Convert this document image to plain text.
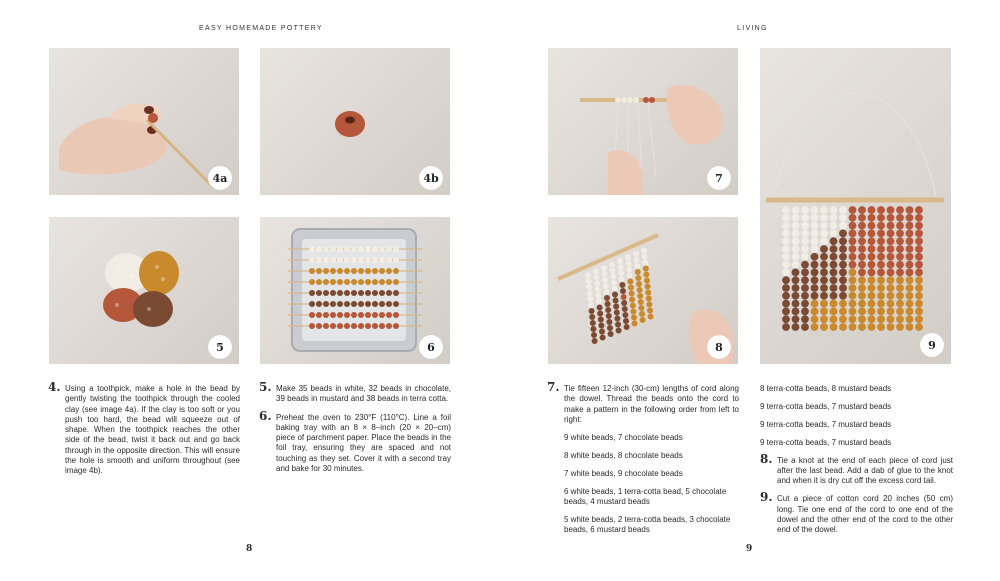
EASY HOMEMADE POTTERY	LIVING
4a	4b
5	6
7
8	9
4. Using a toothpick, make a hole in the bead by gently twisting the toothpick through the cooled clay (see image 4a). If the clay is too soft or you push too hard, the bead will squeeze out of shape. When the toothpick reaches the other side of the bead, twist it back out and go back through in the opposite direction. This will ensure the hole is smooth and uniform throughout (see image 4b).
5. Make 35 beads in white, 32 beads in chocolate, 39 beads in mustard and 38 beads in terra cotta.
6. Preheat the oven to 230°F (110°C). Line a foil baking tray with an 8 × 8–inch (20 × 20–cm) piece of parchment paper. Place the beads in the foil tray, ensuring they are spaced and not touching as they set. Cover it with a second tray and bake for 30 minutes.
7. Tie fifteen 12-inch (30-cm) lengths of cord along the dowel. Thread the beads onto the cord to make a pattern in the following order from left to right:
9 white beads, 7 chocolate beads
8 white beads, 8 chocolate beads
7 white beads, 9 chocolate beads
6 white beads, 1 terra-cotta bead, 5 chocolate beads, 4 mustard beads
5 white beads, 2 terra-cotta beads, 3 chocolate beads, 6 mustard beads
8 terra-cotta beads, 8 mustard beads
9 terra-cotta beads, 7 mustard beads
9 terra-cotta beads, 7 mustard beads
9 terra-cotta beads, 7 mustard beads
8. Tie a knot at the end of each piece of cord just after the last bead. Add a dab of glue to the knot and when it is dry cut off the excess cord tail.
9. Cut a piece of cotton cord 20 inches (50 cm) long. Tie one end of the cord to one end of the dowel and the other end of the cord to the other end of the dowel.
8	9
